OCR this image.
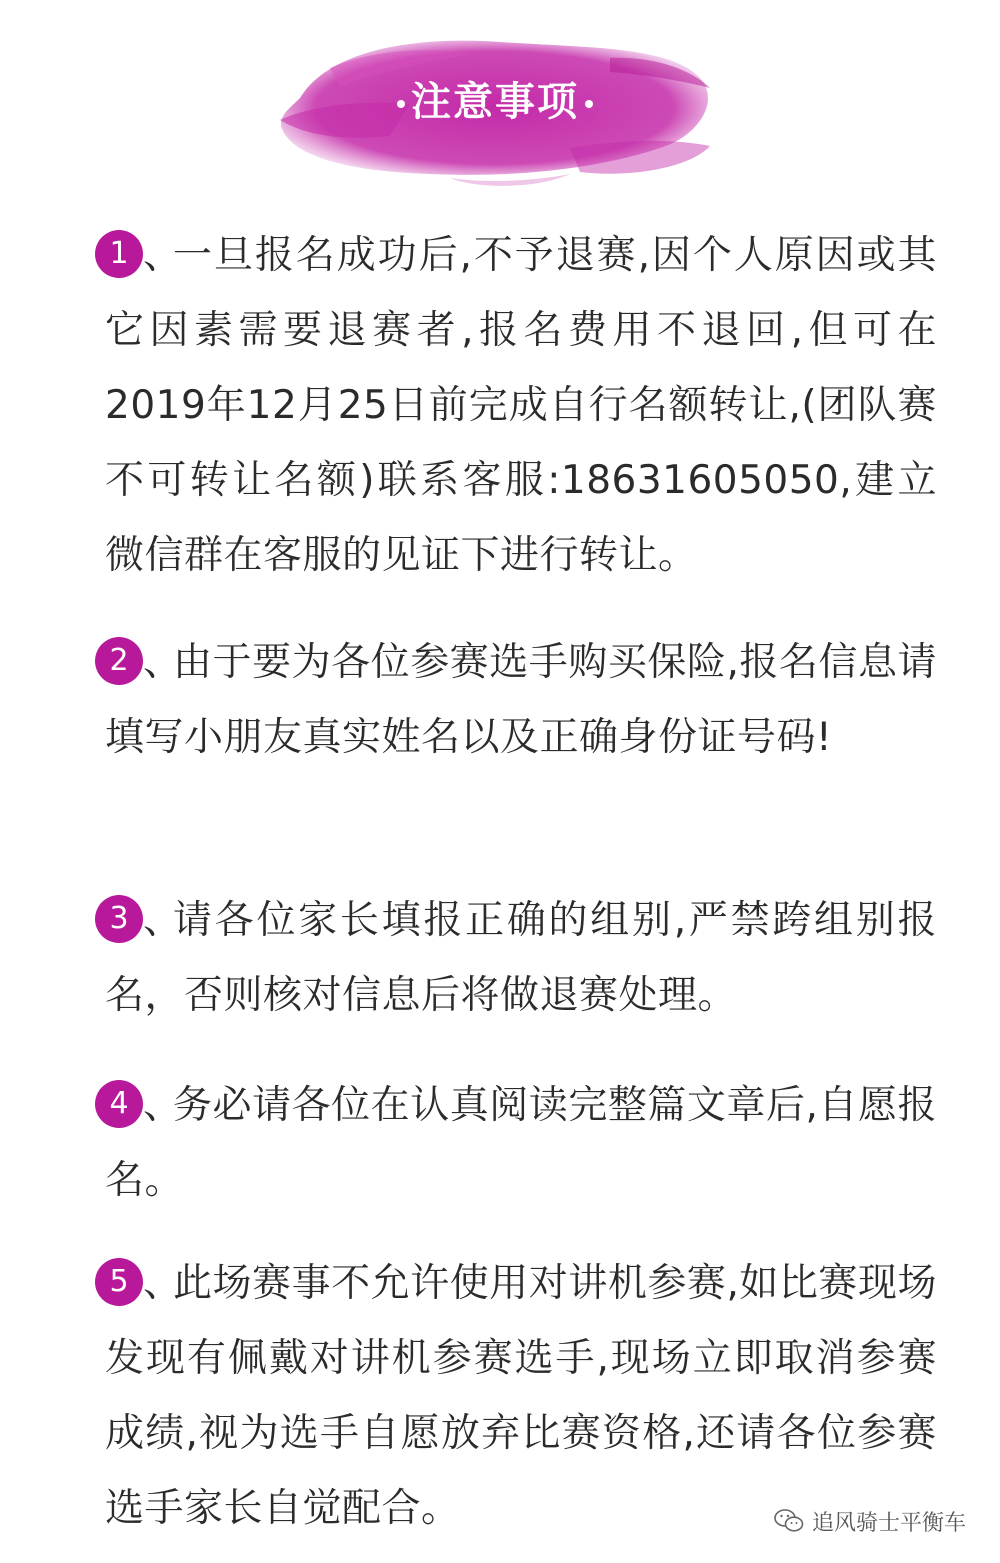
注意事项
1 、

一旦报名成功后,不予退赛,因个人原因或其它因素需要退赛者,报名费用不退回,但可在2019年12月25日前完成自行名额转让,(团队赛不可转让名额)联系客服:18631605050,建立微信群在客服的见证下进行转让。

2 、

由于要为各位参赛选手购买保险,报名信息请填写小朋友真实姓名以及正确身份证号码!

3 、

请各位家长填报正确的组别,严禁跨组别报名，否则核对信息后将做退赛处理。

4 、

务必请各位在认真阅读完整篇文章后,自愿报名。

5 、

此场赛事不允许使用对讲机参赛,如比赛现场发现有佩戴对讲机参赛选手,现场立即取消参赛成绩,视为选手自愿放弃比赛资格,还请各位参赛选手家长自觉配合。	追风骑士平衡车
